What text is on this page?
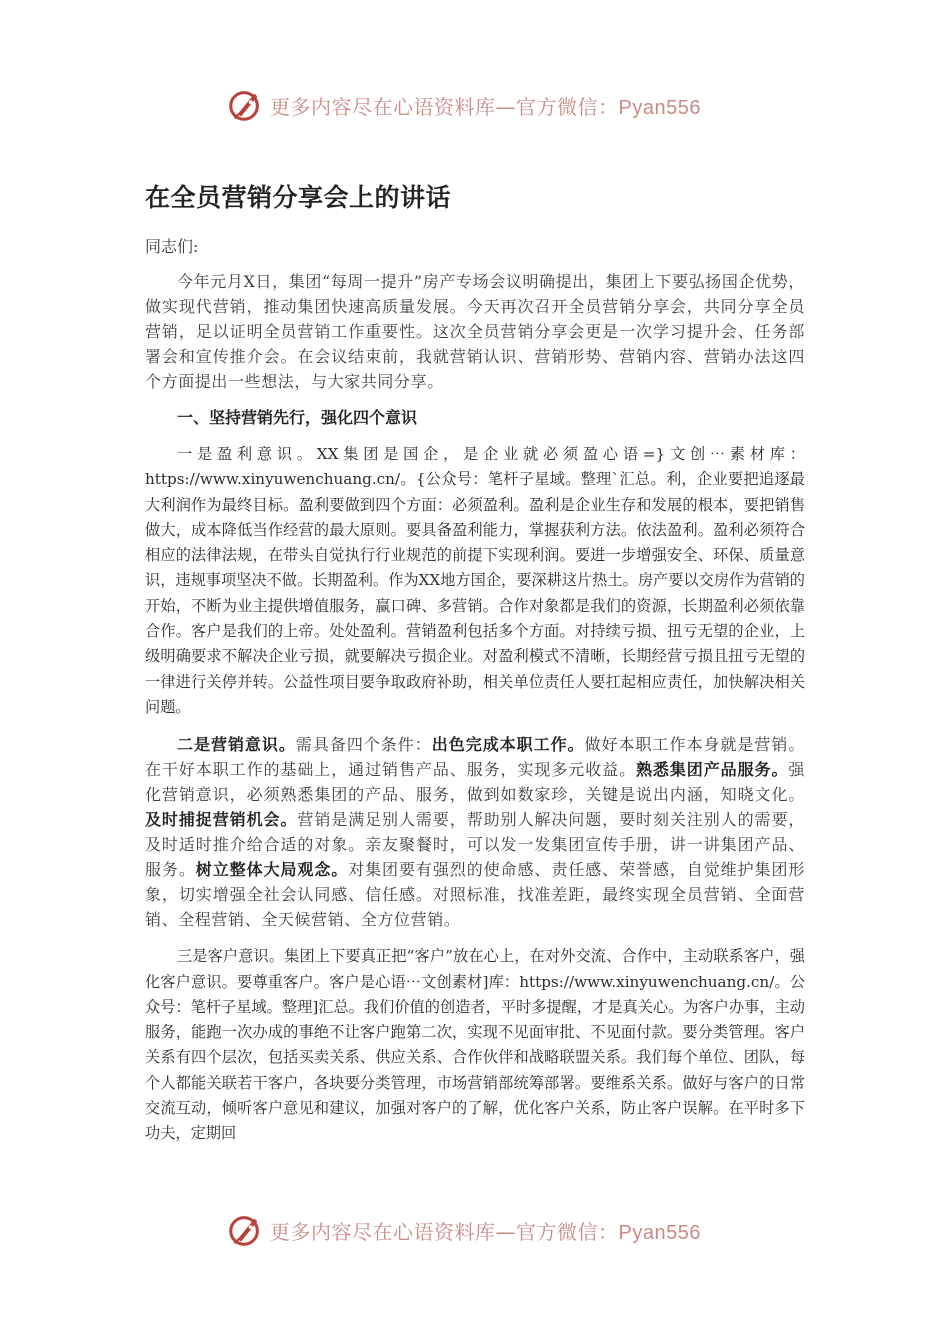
更多内容尽在心语资料库—官方微信：Pyan556
在全员营销分享会上的讲话

同志们:

今年元月X日，集团“每周一提升”房产专场会议明确提出，集团上下要弘扬国企优势，做实现代营销，推动集团快速高质量发展。今天再次召开全员营销分享会，共同分享全员营销，足以证明全员营销工作重要性。这次全员营销分享会更是一次学习提升会、任务部署会和宣传推介会。在会议结束前，我就营销认识、营销形势、营销内容、营销办法这四个方面提出一些想法，与大家共同分享。

一、坚持营销先行，强化四个意识

一是盈利意识。XX集团是国企，是企业就必须盈心语=}文创⋯素材库：https://www.xinyuwenchuang.cn/。{公众号：笔杆子星域。整理`汇总。利，企业要把追逐最大利润作为最终目标。盈利要做到四个方面：必须盈利。盈利是企业生存和发展的根本，要把销售做大，成本降低当作经营的最大原则。要具备盈利能力，掌握获利方法。依法盈利。盈利必须符合相应的法律法规，在带头自觉执行行业规范的前提下实现利润。要进一步增强安全、环保、质量意识，违规事项坚决不做。长期盈利。作为XX地方国企，要深耕这片热土。房产要以交房作为营销的开始，不断为业主提供增值服务，赢口碑、多营销。合作对象都是我们的资源，长期盈利必须依靠合作。客户是我们的上帝。处处盈利。营销盈利包括多个方面。对持续亏损、扭亏无望的企业，上级明确要求不解决企业亏损，就要解决亏损企业。对盈利模式不清晰，长期经营亏损且扭亏无望的一律进行关停并转。公益性项目要争取政府补助，相关单位责任人要扛起相应责任，加快解决相关问题。

二是营销意识。需具备四个条件：出色完成本职工作。做好本职工作本身就是营销。在干好本职工作的基础上，通过销售产品、服务，实现多元收益。熟悉集团产品服务。强化营销意识，必须熟悉集团的产品、服务，做到如数家珍，关键是说出内涵，知晓文化。及时捕捉营销机会。营销是满足别人需要，帮助别人解决问题，要时刻关注别人的需要，及时适时推介给合适的对象。亲友聚餐时，可以发一发集团宣传手册，讲一讲集团产品、服务。树立整体大局观念。对集团要有强烈的使命感、责任感、荣誉感，自觉维护集团形象，切实增强全社会认同感、信任感。对照标准，找准差距，最终实现全员营销、全面营销、全程营销、全天候营销、全方位营销。

三是客户意识。集团上下要真正把“客户”放在心上，在对外交流、合作中，主动联系客户，强化客户意识。要尊重客户。客户是心语⋯文创素材]库：https://www.xinyuwenchuang.cn/。公众号：笔杆子星域。整理]汇总。我们价值的创造者，平时多提醒，才是真关心。为客户办事，主动服务，能跑一次办成的事绝不让客户跑第二次，实现不见面审批、不见面付款。要分类管理。客户关系有四个层次，包括买卖关系、供应关系、合作伙伴和战略联盟关系。我们每个单位、团队，每个人都能关联若干客户，各块要分类管理，市场营销部统筹部署。要维系关系。做好与客户的日常交流互动，倾听客户意见和建议，加强对客户的了解，优化客户关系，防止客户误解。在平时多下功夫，定期回

更多内容尽在心语资料库—官方微信：Pyan556
